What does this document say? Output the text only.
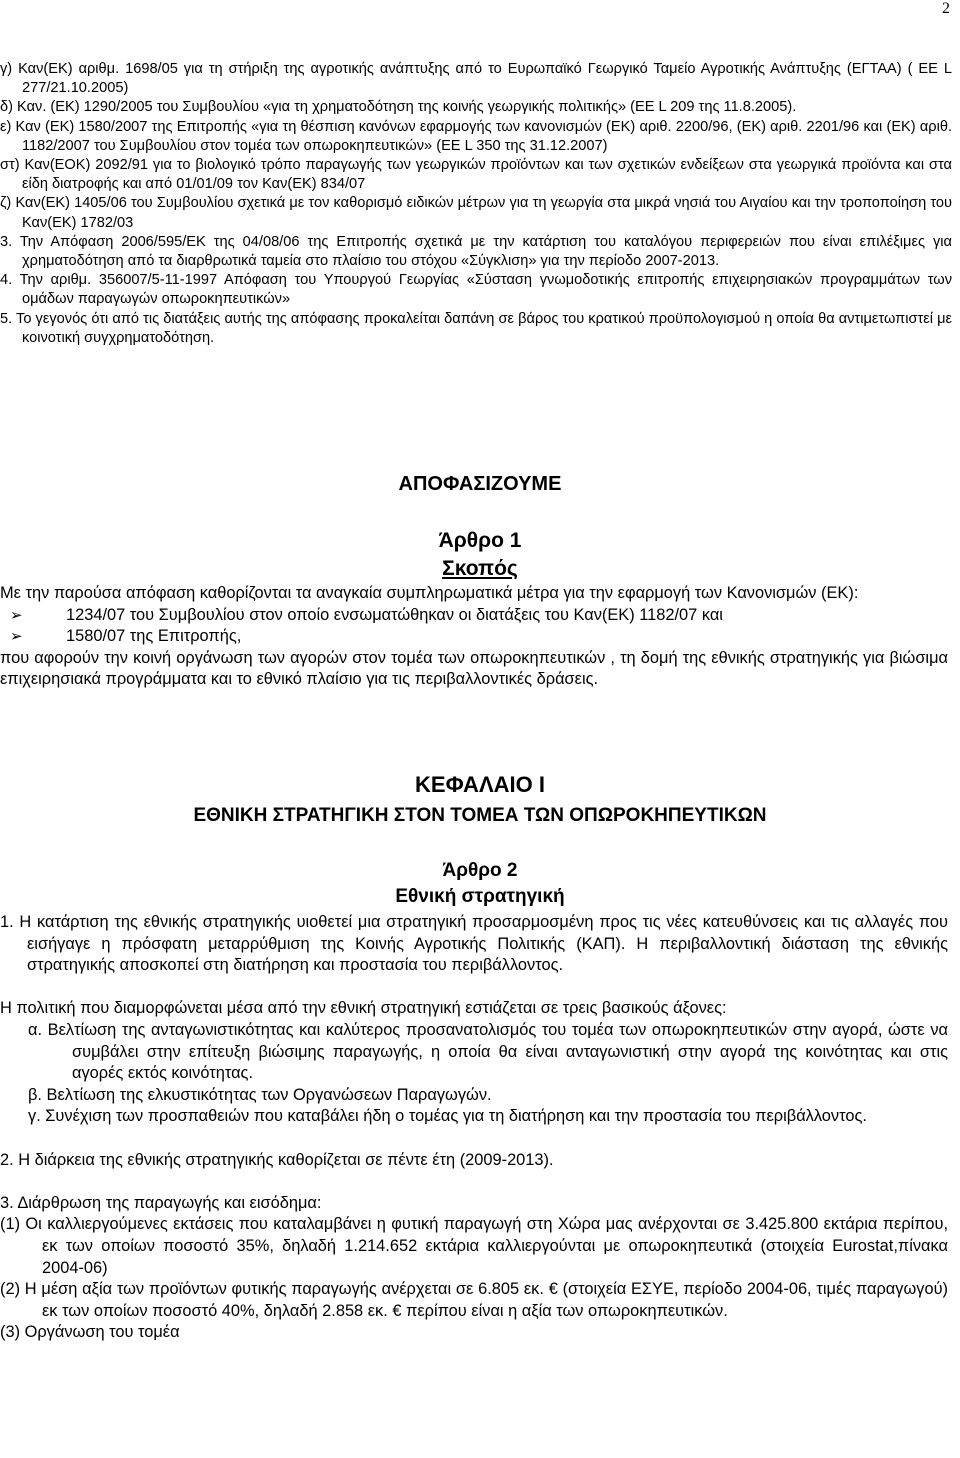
2

γ) Καν(ΕΚ) αριθμ. 1698/05 για τη στήριξη της αγροτικής ανάπτυξης από το Ευρωπαϊκό Γεωργικό Ταμείο Αγροτικής Ανάπτυξης (ΕΓΤΑΑ) ( ΕΕ L 277/21.10.2005)

δ) Καν. (ΕΚ) 1290/2005 του Συμβουλίου «για τη χρηματοδότηση της κοινής γεωργικής πολιτικής» (ΕΕ L 209 της 11.8.2005).

ε) Καν (ΕΚ) 1580/2007 της Επιτροπής «για τη θέσπιση κανόνων εφαρμογής των κανονισμών (ΕΚ) αριθ. 2200/96, (ΕΚ) αριθ. 2201/96 και (ΕΚ) αριθ. 1182/2007 του Συμβουλίου στον τομέα των οπωροκηπευτικών» (ΕΕ L 350 της 31.12.2007)

στ) Καν(ΕΟΚ) 2092/91 για το βιολογικό τρόπο παραγωγής των γεωργικών προϊόντων και των σχετικών ενδείξεων στα γεωργικά προϊόντα και στα είδη διατροφής και από 01/01/09 τον Καν(ΕΚ) 834/07

ζ) Καν(ΕΚ) 1405/06 του Συμβουλίου σχετικά με τον καθορισμό ειδικών μέτρων για τη γεωργία στα μικρά νησιά του Αιγαίου και την τροποποίηση του Καν(ΕΚ) 1782/03

3. Την Απόφαση 2006/595/ΕΚ της 04/08/06 της Επιτροπής σχετικά με την κατάρτιση του καταλόγου περιφερειών που είναι επιλέξιμες για χρηματοδότηση από τα διαρθρωτικά ταμεία στο πλαίσιο του στόχου «Σύγκλιση» για την περίοδο 2007-2013.

4. Την αριθμ. 356007/5-11-1997 Απόφαση του Υπουργού Γεωργίας «Σύσταση γνωμοδοτικής επιτροπής επιχειρησιακών προγραμμάτων των ομάδων παραγωγών οπωροκηπευτικών»

5. Το γεγονός ότι από τις διατάξεις αυτής της απόφασης προκαλείται δαπάνη σε βάρος του κρατικού προϋπολογισμού η οποία θα αντιμετωπιστεί με κοινοτική συγχρηματοδότηση.

ΑΠΟΦΑΣΙΖΟΥΜΕ
Άρθρο 1
Σκοπός

Με την παρούσα απόφαση καθορίζονται τα αναγκαία συμπληρωματικά μέτρα για την εφαρμογή των Κανονισμών (ΕΚ):

➢	1234/07 του Συμβουλίου στον οποίο ενσωματώθηκαν οι διατάξεις του Καν(ΕΚ) 1182/07 και
➢	1580/07 της Επιτροπής,

που αφορούν την κοινή οργάνωση των αγορών στον τομέα των οπωροκηπευτικών , τη δομή της εθνικής στρατηγικής για βιώσιμα επιχειρησιακά προγράμματα και το εθνικό πλαίσιο για τις περιβαλλοντικές δράσεις.

ΚΕΦΑΛΑΙΟ Ι
ΕΘΝΙΚΗ ΣΤΡΑΤΗΓΙΚΗ ΣΤΟΝ ΤΟΜΕΑ ΤΩΝ ΟΠΩΡΟΚΗΠΕΥΤΙΚΩΝ
Άρθρο 2
Εθνική στρατηγική

1. Η κατάρτιση της εθνικής στρατηγικής υιοθετεί μια στρατηγική προσαρμοσμένη προς τις νέες κατευθύνσεις και τις αλλαγές που εισήγαγε η πρόσφατη μεταρρύθμιση της Κοινής Αγροτικής Πολιτικής (ΚΑΠ). Η περιβαλλοντική διάσταση της εθνικής στρατηγικής αποσκοπεί στη διατήρηση και προστασία του περιβάλλοντος.

Η πολιτική που διαμορφώνεται μέσα από την εθνική στρατηγική εστιάζεται σε τρεις βασικούς άξονες:

α. Βελτίωση της ανταγωνιστικότητας και καλύτερος προσανατολισμός του τομέα των οπωροκηπευτικών στην αγορά, ώστε να συμβάλει στην επίτευξη βιώσιμης παραγωγής, η οποία θα είναι ανταγωνιστική στην αγορά της κοινότητας και στις αγορές εκτός κοινότητας.

β. Βελτίωση της ελκυστικότητας των Οργανώσεων Παραγωγών.

γ. Συνέχιση των προσπαθειών που καταβάλει ήδη ο τομέας για τη διατήρηση και την προστασία του περιβάλλοντος.

2. Η διάρκεια της εθνικής στρατηγικής καθορίζεται σε πέντε έτη (2009-2013).

3. Διάρθρωση της παραγωγής και εισόδημα:

(1) Οι καλλιεργούμενες εκτάσεις που καταλαμβάνει η φυτική παραγωγή στη Χώρα μας ανέρχονται σε 3.425.800 εκτάρια περίπου, εκ των οποίων ποσοστό 35%, δηλαδή 1.214.652 εκτάρια καλλιεργούνται με οπωροκηπευτικά (στοιχεία Eurostat,πίνακα 2004-06)

(2) Η μέση αξία των προϊόντων φυτικής παραγωγής ανέρχεται σε 6.805 εκ. € (στοιχεία ΕΣΥΕ, περίοδο 2004-06, τιμές παραγωγού) εκ των οποίων ποσοστό 40%, δηλαδή 2.858 εκ. € περίπου είναι η αξία των οπωροκηπευτικών.

(3) Οργάνωση του τομέα
